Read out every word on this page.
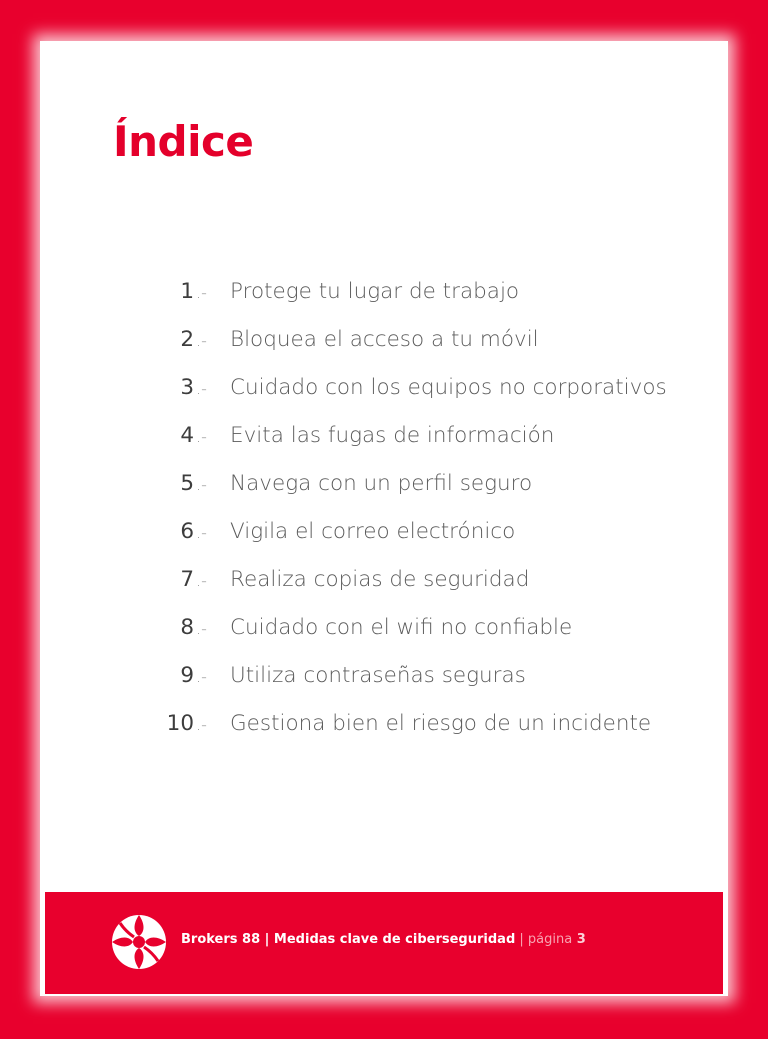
Índice
1 .-	Protege tu lugar de trabajo
2 .-	Bloquea el acceso a tu móvil
3 .-	Cuidado con los equipos no corporativos
4 .-	Evita las fugas de información
5 .-	Navega con un perfil seguro
6 .-	Vigila el correo electrónico
7 .-	Realiza copias de seguridad
8 .-	Cuidado con el wifi no confiable
9 .-	Utiliza contraseñas seguras
10 .-	Gestiona bien el riesgo de un incidente
Brokers 88 | Medidas clave de ciberseguridad | página 3
